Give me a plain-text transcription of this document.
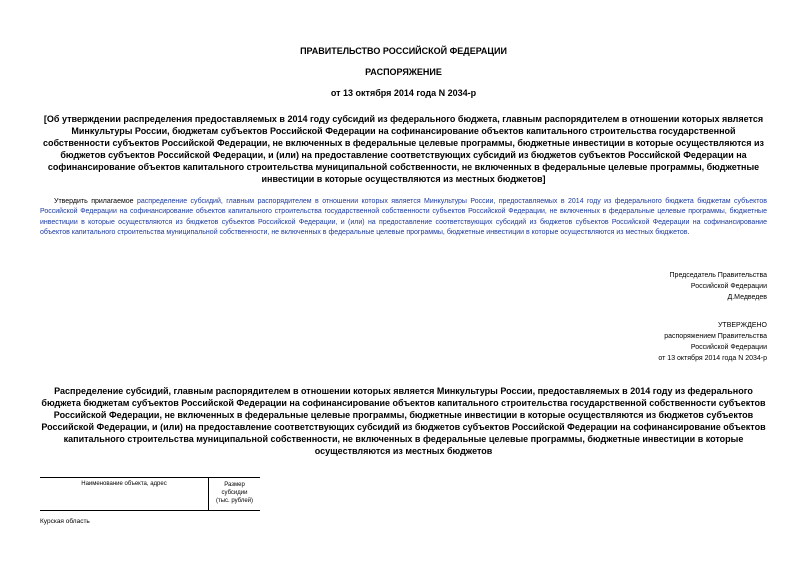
ПРАВИТЕЛЬСТВО РОССИЙСКОЙ ФЕДЕРАЦИИ
РАСПОРЯЖЕНИЕ
от 13 октября 2014 года N 2034-р
[Об утверждении распределения предоставляемых в 2014 году субсидий из федерального бюджета, главным распорядителем в отношении которых является Минкультуры России, бюджетам субъектов Российской Федерации на софинансирование объектов капитального строительства государственной собственности субъектов Российской Федерации, не включенных в федеральные целевые программы, бюджетные инвестиции в которые осуществляются из бюджетов субъектов Российской Федерации, и (или) на предоставление соответствующих субсидий из бюджетов субъектов Российской Федерации на софинансирование объектов капитального строительства муниципальной собственности, не включенных в федеральные целевые программы, бюджетные инвестиции в которые осуществляются из местных бюджетов]
Утвердить прилагаемое распределение субсидий, главным распорядителем в отношении которых является Минкультуры России, предоставляемых в 2014 году из федерального бюджета бюджетам субъектов Российской Федерации на софинансирование объектов капитального строительства государственной собственности субъектов Российской Федерации, не включенных в федеральные целевые программы, бюджетные инвестиции в которые осуществляются из бюджетов субъектов Российской Федерации, и (или) на предоставление соответствующих субсидий из бюджетов субъектов Российской Федерации на софинансирование объектов капитального строительства муниципальной собственности, не включенных в федеральные целевые программы, бюджетные инвестиции в которые осуществляются из местных бюджетов.
Председатель Правительства
Российской Федерации
Д.Медведев
УТВЕРЖДЕНО
распоряжением Правительства
Российской Федерации
от 13 октября 2014 года N 2034-р
Распределение субсидий, главным распорядителем в отношении которых является Минкультуры России, предоставляемых в 2014 году из федерального бюджета бюджетам субъектов Российской Федерации на софинансирование объектов капитального строительства государственной собственности субъектов Российской Федерации, не включенных в федеральные целевые программы, бюджетные инвестиции в которые осуществляются из бюджетов субъектов Российской Федерации, и (или) на предоставление соответствующих субсидий из бюджетов субъектов Российской Федерации на софинансирование объектов капитального строительства муниципальной собственности, не включенных в федеральные целевые программы, бюджетные инвестиции в которые осуществляются из местных бюджетов
Наименование объекта, адрес	Размер
субсидии
(тыс. рублей)
Курская область
